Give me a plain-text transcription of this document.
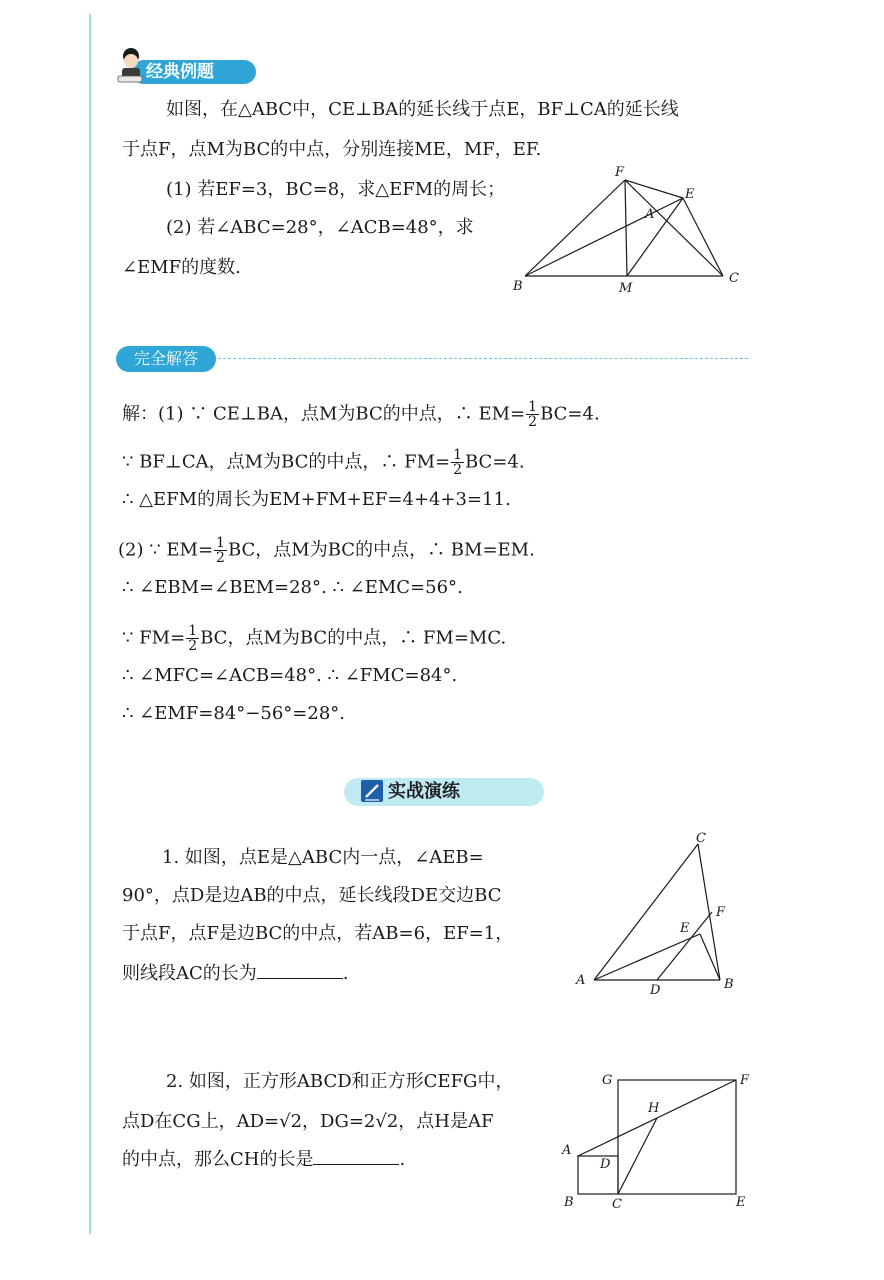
经典例题
如图，在△ABC中，CE⊥BA的延长线于点E，BF⊥CA的延长线
于点F，点M为BC的中点，分别连接ME，MF，EF.
(1) 若EF=3，BC=8，求△EFM的周长；
(2) 若∠ABC=28°，∠ACB=48°，求
∠EMF的度数.
F
E
A
B	M
C
完全解答
解：(1) ∵ CE⊥BA，点M为BC的中点，∴ $EM= \frac{1}{2} BC=4$.
∵ BF⊥CA，点M为BC的中点，∴ $FM= \frac{1}{2} BC=4$.
∴ △EFM的周长为EM+FM+EF=4+4+3=11.
(2) ∵ $EM= \frac{1}{2}$ BC，点M为BC的中点，∴ BM=EM.
∴ ∠EBM=∠BEM=28°. ∴ ∠EMC=56°.
∵ $FM= \frac{1}{2}$ BC，点M为BC的中点，∴ FM=MC.
∴ ∠MFC=∠ACB=48°. ∴ ∠FMC=84°.
∴ ∠EMF=84°−56°=28°.
实战演练
1. 如图，点E是△ABC内一点，∠AEB=
90°，点D是边AB的中点，延长线段DE交边BC
于点F，点F是边BC的中点，若AB=6，EF=1，
则线段AC的长为	.
C
F
E
A
D	B
2. 如图，正方形ABCD和正方形CEFG中，
点D在CG上，AD=√2，DG=2√2，点H是AF
的中点，那么CH的长是	.
G	F
H
A
D
B	C	E
